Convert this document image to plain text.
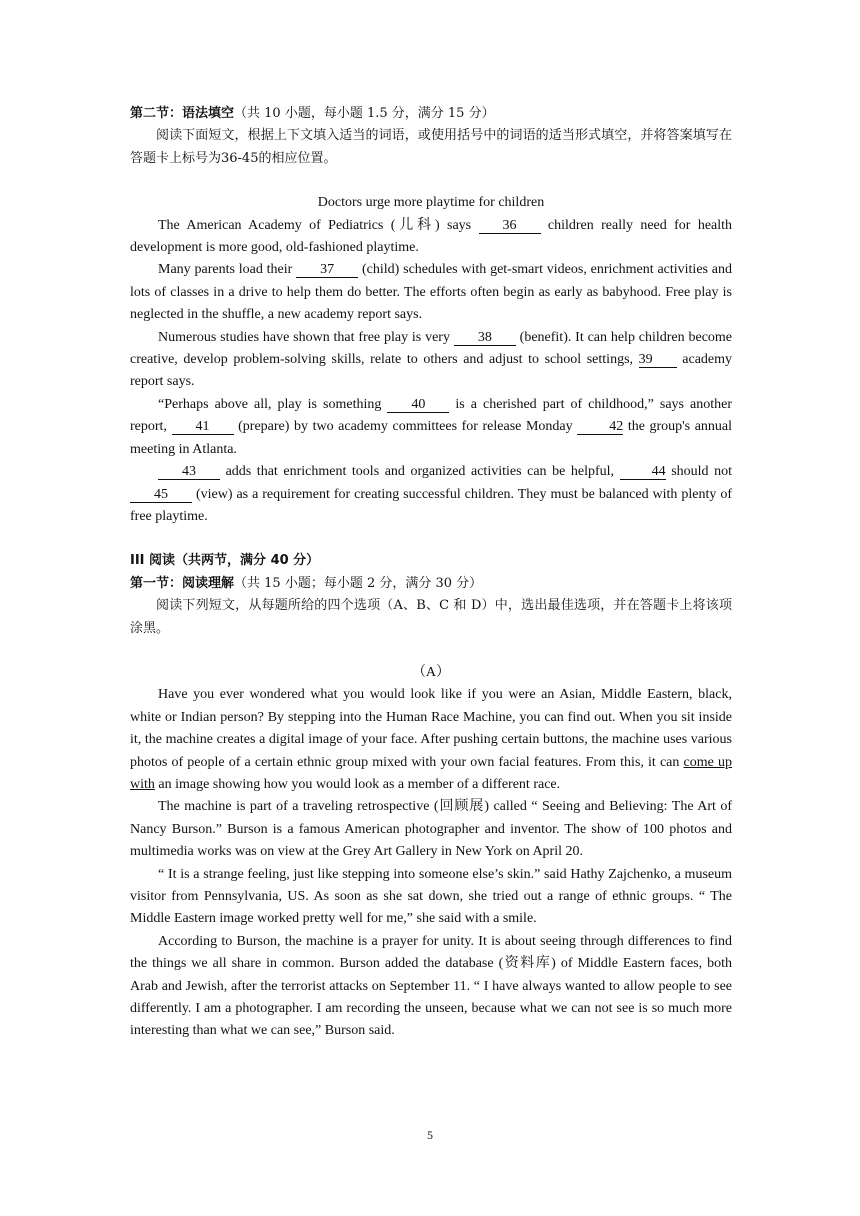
第二节：语法填空（共 10 小题，每小题 1.5 分，满分 15 分）

阅读下面短文，根据上下文填入适当的词语，或使用括号中的词语的适当形式填空，并将答案填写在答题卡上标号为36-45的相应位置。

Doctors urge more playtime for children

The American Academy of Pediatrics (儿科) says 36 children really need for health development is more good, old-fashioned playtime.

Many parents load their 37 (child) schedules with get-smart videos, enrichment activities and lots of classes in a drive to help them do better. The efforts often begin as early as babyhood. Free play is neglected in the shuffle, a new academy report says.

Numerous studies have shown that free play is very 38 (benefit). It can help children become creative, develop problem-solving skills, relate to others and adjust to school settings, 39 academy report says.

“Perhaps above all, play is something 40 is a cherished part of childhood,” says another report, 41 (prepare) by two academy committees for release Monday	42 the group's annual meeting in Atlanta.

43 adds that enrichment tools and organized activities can be helpful,	44 should not 45 (view) as a requirement for creating successful children. They must be balanced with plenty of free playtime.

III 阅读（共两节，满分 40 分）

第一节：阅读理解（共 15 小题；每小题 2 分，满分 30 分）

阅读下列短文，从每题所给的四个选项（A、B、C 和 D）中，选出最佳选项，并在答题卡上将该项涂黑。

（A）

Have you ever wondered what you would look like if you were an Asian, Middle Eastern, black, white or Indian person? By stepping into the Human Race Machine, you can find out. When you sit inside it, the machine creates a digital image of your face. After pushing certain buttons, the machine uses various photos of people of a certain ethnic group mixed with your own facial features. From this, it can come up with an image showing how you would look as a member of a different race.

The machine is part of a traveling retrospective (回顾展) called “ Seeing and Believing: The Art of Nancy Burson.” Burson is a famous American photographer and inventor. The show of 100 photos and multimedia works was on view at the Grey Art Gallery in New York on April 20.

“ It is a strange feeling, just like stepping into someone else’s skin.” said Hathy Zajchenko, a museum visitor from Pennsylvania, US. As soon as she sat down, she tried out a range of ethnic groups. “ The Middle Eastern image worked pretty well for me,” she said with a smile.

According to Burson, the machine is a prayer for unity. It is about seeing through differences to find the things we all share in common. Burson added the database (资料库) of Middle Eastern faces, both Arab and Jewish, after the terrorist attacks on September 11. “ I have always wanted to allow people to see differently. I am a photographer. I am recording the unseen, because what we can not see is so much more interesting than what we can see,” Burson said.

5
